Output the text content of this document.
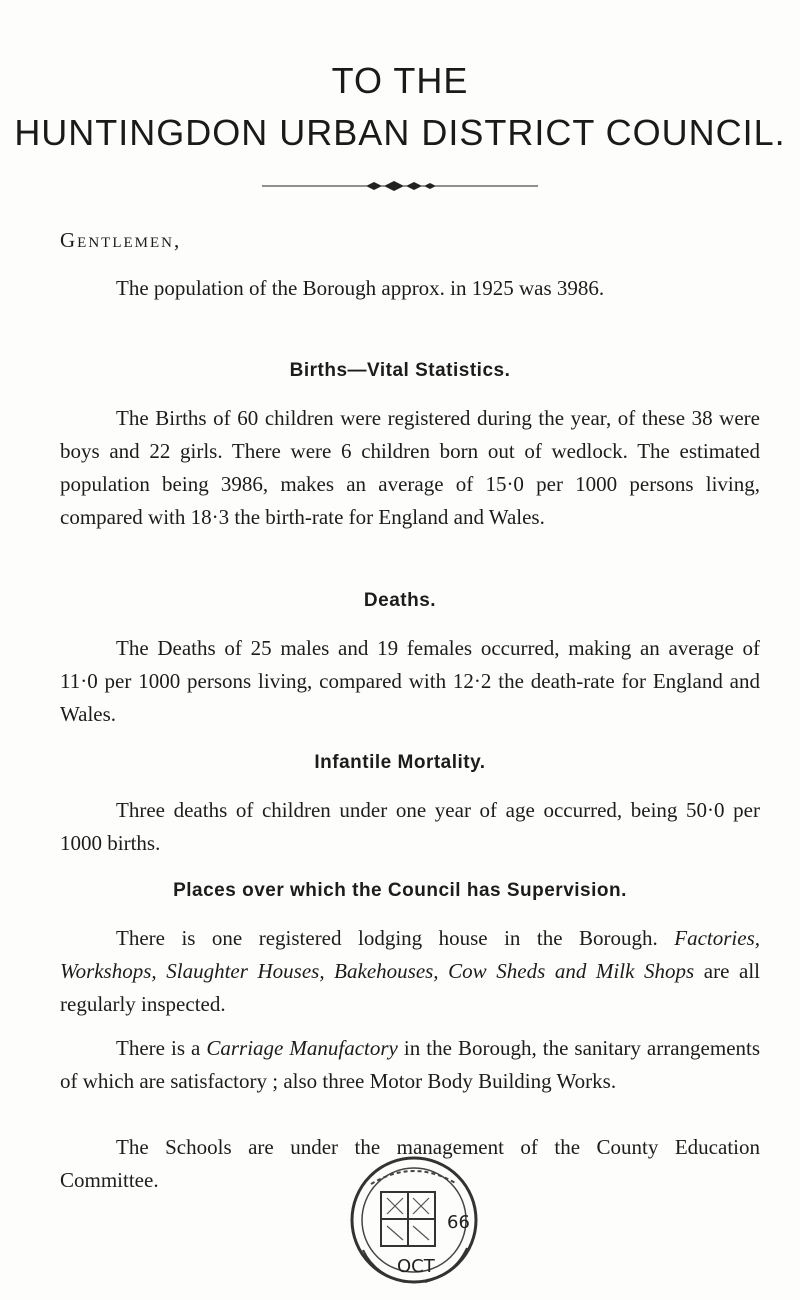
TO THE
HUNTINGDON URBAN DISTRICT COUNCIL.
Gentlemen,

The population of the Borough approx. in 1925 was 3986.

Births—Vital Statistics.

The Births of 60 children were registered during the year, of these 38 were boys and 22 girls. There were 6 children born out of wedlock. The estimated population being 3986, makes an average of 15·0 per 1000 persons living, compared with 18·3 the birth-rate for England and Wales.

Deaths.

The Deaths of 25 males and 19 females occurred, making an average of 11·0 per 1000 persons living, compared with 12·2 the death-rate for England and Wales.

Infantile Mortality.

Three deaths of children under one year of age occurred, being 50·0 per 1000 births.

Places over which the Council has Supervision.

There is one registered lodging house in the Borough. Factories, Workshops, Slaughter Houses, Bakehouses, Cow Sheds and Milk Shops are all regularly inspected.

There is a Carriage Manufactory in the Borough, the sanitary arrangements of which are satisfactory ; also three Motor Body Building Works.

The Schools are under the management of the County Education Committee.

66
OCT
